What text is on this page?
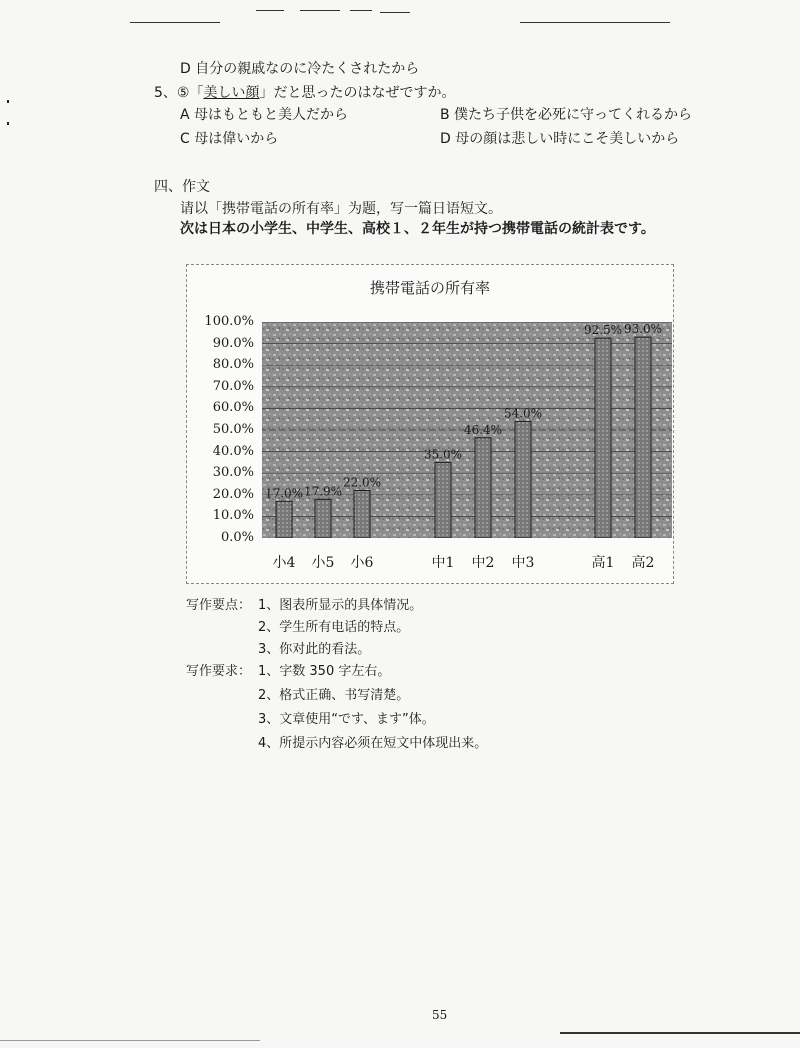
D 自分の親戚なのに冷たくされたから
5、⑤「美しい顔」だと思ったのはなぜですか。
A 母はもともと美人だから	B 僕たち子供を必死に守ってくれるから
C 母は偉いから	D 母の顔は悲しい時にこそ美しいから
四、作文
请以「携帯電話の所有率」为题，写一篇日语短文。
次は日本の小学生、中学生、高校１、２年生が持つ携帯電話の統計表です。
携帯電話の所有率
100.0%
90.0%
80.0%
70.0%
60.0%
50.0%
40.0%
30.0%
20.0%
10.0%
0.0%
17.0% 17.9%
22.0%
35.0%
46.4%
54.0%
92.5% 93.0%
小4	小5	小6	中1	中2	中3	高1	高2
写作要点： 1、图表所显示的具体情况。
2、学生所有电话的特点。
3、你对此的看法。
写作要求： 1、字数 350 字左右。
2、格式正确、书写清楚。
3、文章使用“です、ます”体。
4、所提示内容必须在短文中体现出来。
55
